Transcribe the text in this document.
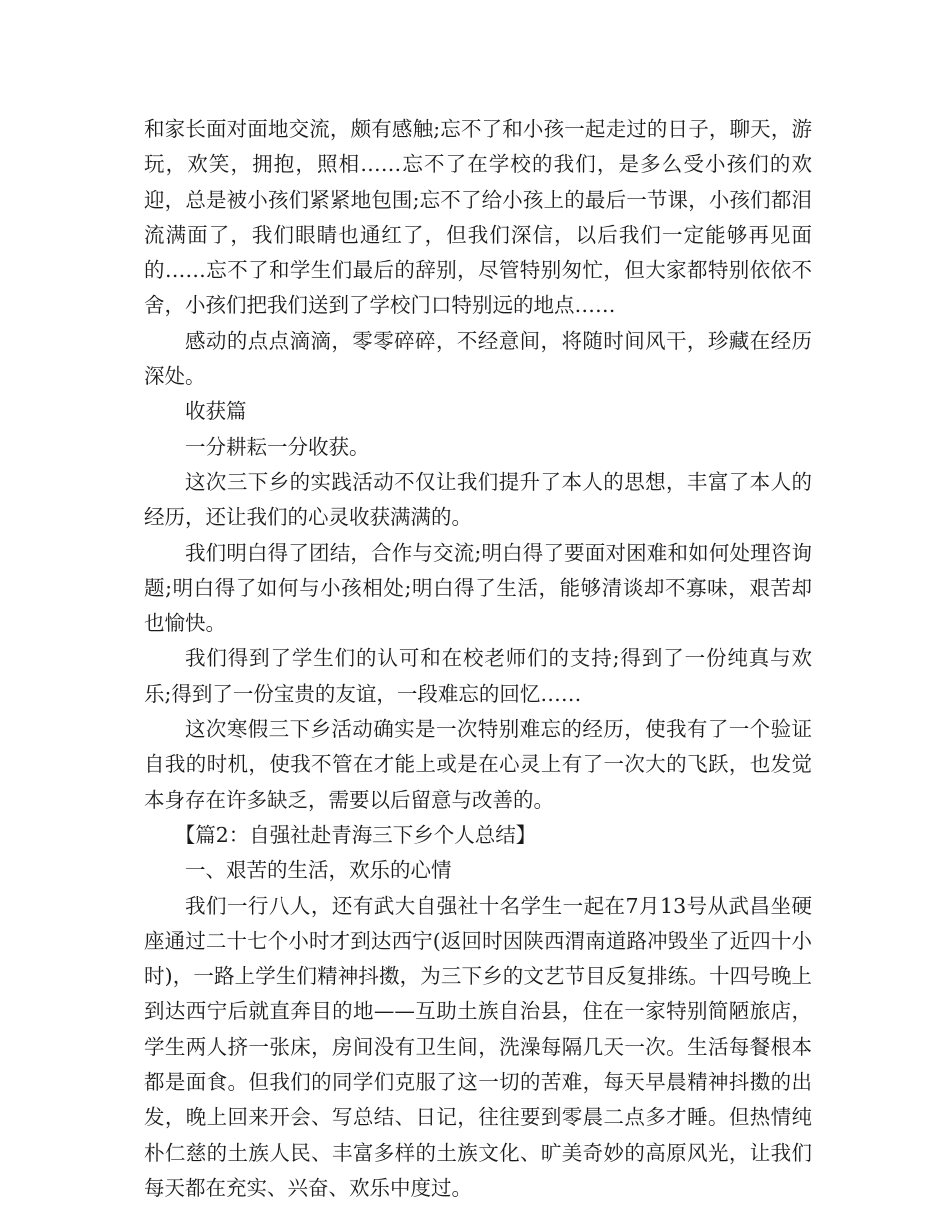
和家长面对面地交流，颇有感触;忘不了和小孩一起走过的日子，聊天，游玩，欢笑，拥抱，照相……忘不了在学校的我们，是多么受小孩们的欢迎，总是被小孩们紧紧地包围;忘不了给小孩上的最后一节课，小孩们都泪流满面了，我们眼睛也通红了，但我们深信，以后我们一定能够再见面的……忘不了和学生们最后的辞别，尽管特别匆忙，但大家都特别依依不舍，小孩们把我们送到了学校门口特别远的地点……

感动的点点滴滴，零零碎碎，不经意间，将随时间风干，珍藏在经历深处。

收获篇

一分耕耘一分收获。

这次三下乡的实践活动不仅让我们提升了本人的思想，丰富了本人的经历，还让我们的心灵收获满满的。

我们明白得了团结，合作与交流;明白得了要面对困难和如何处理咨询题;明白得了如何与小孩相处;明白得了生活，能够清谈却不寡味，艰苦却也愉快。

我们得到了学生们的认可和在校老师们的支持;得到了一份纯真与欢乐;得到了一份宝贵的友谊，一段难忘的回忆……

这次寒假三下乡活动确实是一次特别难忘的经历，使我有了一个验证自我的时机，使我不管在才能上或是在心灵上有了一次大的飞跃，也发觉本身存在许多缺乏，需要以后留意与改善的。

【篇2：自强社赴青海三下乡个人总结】

一、艰苦的生活，欢乐的心情

我们一行八人，还有武大自强社十名学生一起在7月13号从武昌坐硬座通过二十七个小时才到达西宁(返回时因陕西渭南道路冲毁坐了近四十小时)，一路上学生们精神抖擞，为三下乡的文艺节目反复排练。十四号晚上到达西宁后就直奔目的地——互助土族自治县，住在一家特别简陋旅店，学生两人挤一张床，房间没有卫生间，洗澡每隔几天一次。生活每餐根本都是面食。但我们的同学们克服了这一切的苦难，每天早晨精神抖擞的出发，晚上回来开会、写总结、日记，往往要到零晨二点多才睡。但热情纯朴仁慈的土族人民、丰富多样的土族文化、旷美奇妙的高原风光，让我们每天都在充实、兴奋、欢乐中度过。
